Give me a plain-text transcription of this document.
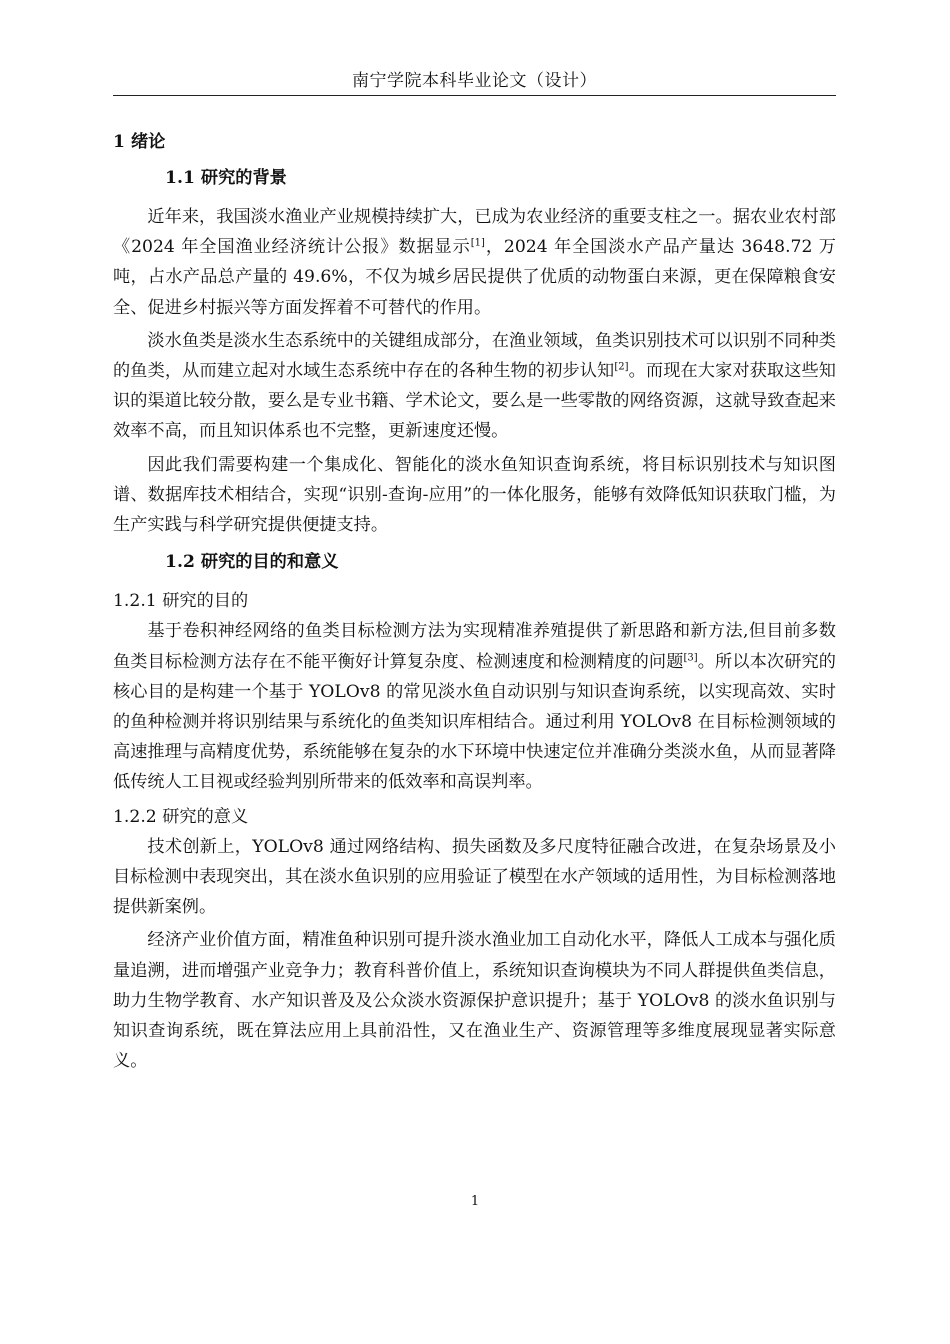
南宁学院本科毕业论文（设计）
1 绪论
1.1 研究的背景

近年来，我国淡水渔业产业规模持续扩大，已成为农业经济的重要支柱之一。据农业农村部《2024 年全国渔业经济统计公报》数据显示[1]，2024 年全国淡水产品产量达 3648.72 万吨，占水产品总产量的 49.6%，不仅为城乡居民提供了优质的动物蛋白来源，更在保障粮食安全、促进乡村振兴等方面发挥着不可替代的作用。

淡水鱼类是淡水生态系统中的关键组成部分，在渔业领域，鱼类识别技术可以识别不同种类的鱼类，从而建立起对水域生态系统中存在的各种生物的初步认知[2]。而现在大家对获取这些知识的渠道比较分散，要么是专业书籍、学术论文，要么是一些零散的网络资源，这就导致查起来效率不高，而且知识体系也不完整，更新速度还慢。

因此我们需要构建一个集成化、智能化的淡水鱼知识查询系统，将目标识别技术与知识图谱、数据库技术相结合，实现“识别-查询-应用”的一体化服务，能够有效降低知识获取门槛，为生产实践与科学研究提供便捷支持。

1.2 研究的目的和意义
1.2.1 研究的目的

基于卷积神经网络的鱼类目标检测方法为实现精准养殖提供了新思路和新方法,但目前多数鱼类目标检测方法存在不能平衡好计算复杂度、检测速度和检测精度的问题[3]。所以本次研究的核心目的是构建一个基于 YOLOv8 的常见淡水鱼自动识别与知识查询系统，以实现高效、实时的鱼种检测并将识别结果与系统化的鱼类知识库相结合。通过利用 YOLOv8 在目标检测领域的高速推理与高精度优势，系统能够在复杂的水下环境中快速定位并准确分类淡水鱼，从而显著降低传统人工目视或经验判别所带来的低效率和高误判率。

1.2.2 研究的意义

技术创新上，YOLOv8 通过网络结构、损失函数及多尺度特征融合改进，在复杂场景及小目标检测中表现突出，其在淡水鱼识别的应用验证了模型在水产领域的适用性，为目标检测落地提供新案例。

经济产业价值方面，精准鱼种识别可提升淡水渔业加工自动化水平，降低人工成本与强化质量追溯，进而增强产业竞争力；教育科普价值上，系统知识查询模块为不同人群提供鱼类信息，助力生物学教育、水产知识普及及公众淡水资源保护意识提升；基于 YOLOv8 的淡水鱼识别与知识查询系统，既在算法应用上具前沿性，又在渔业生产、资源管理等多维度展现显著实际意义。

1
